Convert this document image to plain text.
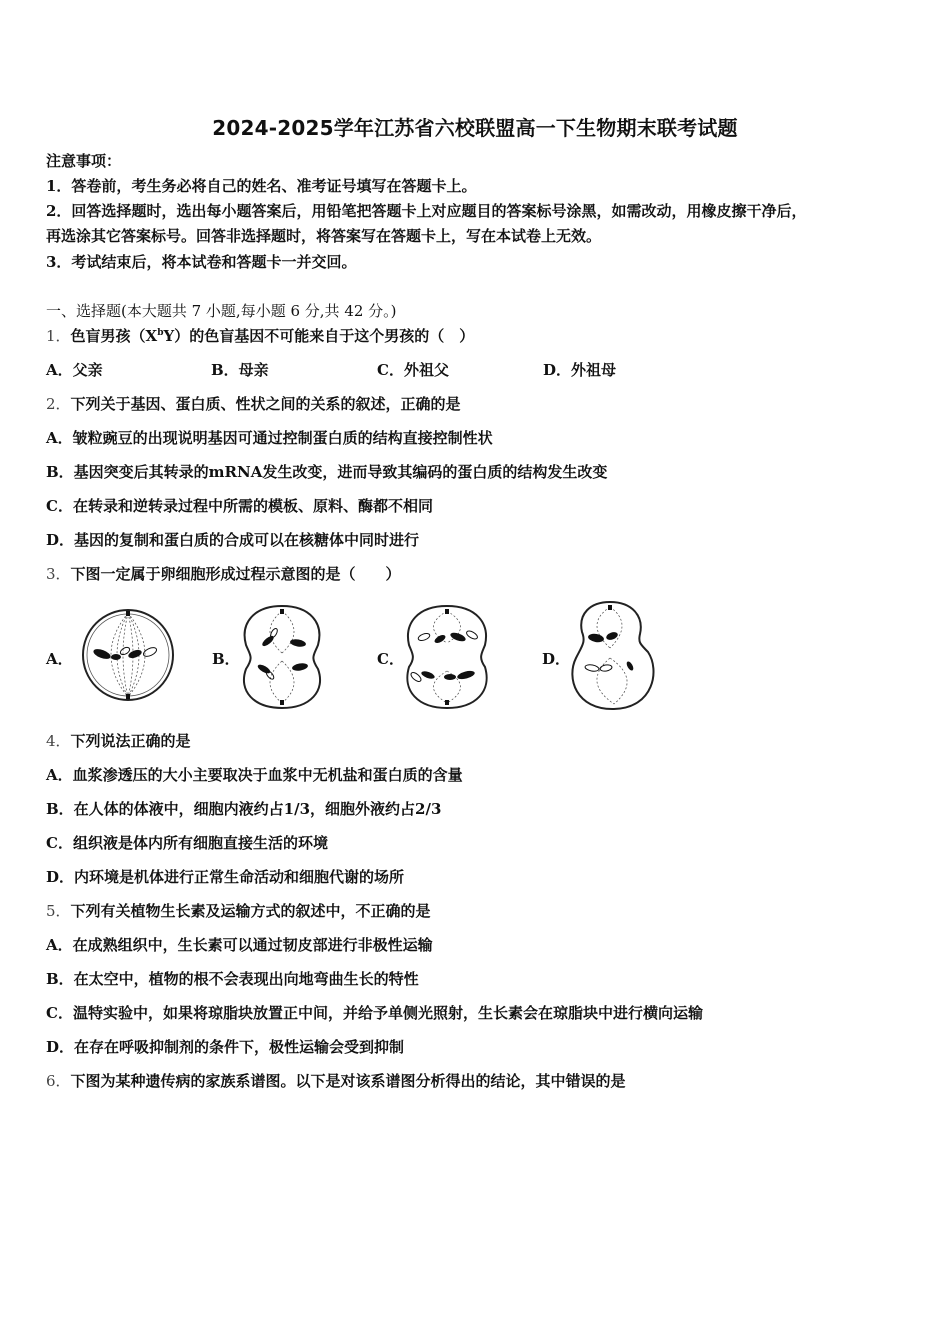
2024-2025学年江苏省六校联盟高一下生物期末联考试题
注意事项：
1．答卷前，考生务必将自己的姓名、准考证号填写在答题卡上。
2．回答选择题时，选出每小题答案后，用铅笔把答题卡上对应题目的答案标号涂黑，如需改动，用橡皮擦干净后，
再选涂其它答案标号。回答非选择题时，将答案写在答题卡上，写在本试卷上无效。
3．考试结束后，将本试卷和答题卡一并交回。
一、选择题(本大题共 7 小题,每小题 6 分,共 42 分。)
1．色盲男孩$(X^bY)$的色盲基因不可能来自于这个男孩的（　）
A．父亲	B．母亲	C．外祖父	D．外祖母
2．下列关于基因、蛋白质、性状之间的关系的叙述，正确的是
A．皱粒豌豆的出现说明基因可通过控制蛋白质的结构直接控制性状
B．基因突变后其转录的mRNA发生改变，进而导致其编码的蛋白质的结构发生改变
C．在转录和逆转录过程中所需的模板、原料、酶都不相同
D．基因的复制和蛋白质的合成可以在核糖体中同时进行
3．下图一定属于卵细胞形成过程示意图的是（　　）
A．	B．	C．	D．
4．下列说法正确的是
A．血浆渗透压的大小主要取决于血浆中无机盐和蛋白质的含量
B．在人体的体液中，细胞内液约占1/3，细胞外液约占2/3
C．组织液是体内所有细胞直接生活的环境
D．内环境是机体进行正常生命活动和细胞代谢的场所
5．下列有关植物生长素及运输方式的叙述中，不正确的是
A．在成熟组织中，生长素可以通过韧皮部进行非极性运输
B．在太空中，植物的根不会表现出向地弯曲生长的特性
C．温特实验中，如果将琼脂块放置正中间，并给予单侧光照射，生长素会在琼脂块中进行横向运输
D．在存在呼吸抑制剂的条件下，极性运输会受到抑制
6．下图为某种遗传病的家族系谱图。以下是对该系谱图分析得出的结论，其中错误的是
